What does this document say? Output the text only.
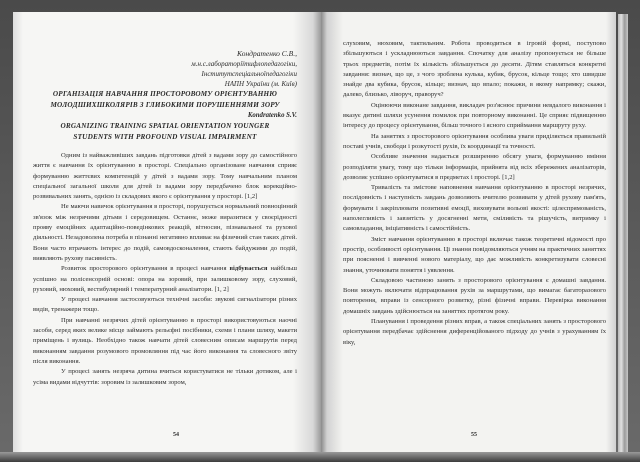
Кондратенко С.В.,
м.н.с.лабораторіїтифлопедагогіки,
Інститутспеціальноїпедагогіки
НАПН України (м. Київ)

ОРГАНІЗАЦІЯ НАВЧАННЯ ПРОСТОРОВОМУ ОРІЄНТУВАННЮ

МОЛОДШИХШКОЛЯРІВ З ГЛИБОКИМИ ПОРУШЕННЯМИ ЗОРУ

Kondratenko S.V.

ORGANIZING TRAINING SPATIAL ORIENTATION YOUNGER

STUDENTS WITH PROFOUND VISUAL IMPAIRMENT

Одним із найважливіших завдань підготовки дітей з вадами зору до самостійного життя є навчання їх орієнтуванню в просторі. Спеціально організоване навчання сприяє формуванню життєвих компетенцій у дітей з вадами зору. Тому навчальним планом спеціальної загальної школи для дітей із вадами зору передбачено блок корекційно-розвивальних занять, однією із складових якого є орієнтування у просторі. [1,2]

Не маючи навичок орієнтування в просторі, порушується нормальний повноцінний зв'язок між незрячими дітьми і середовищем. Останнє, може виразитися у своєрідності прояву емоційних адаптаційно-поведінкових реакцій, вітносин, пізнавальної та рухової діяльності. Незадоволена потреба в пізнанні негативно впливає на фізичний стан таких дітей. Вони часто втрачають інтерес до подій, самовдосконалення, стають байдужими до подій, виявляють рухову пасивність.

Розвиток просторового орієнтування в процесі навчання відбувається найбільш успішно на полісенсорній основі: опора на зоровий, при залишковому зору, слуховий, руховий, нюховий, вестибулярний і температурний аналізатори. [1, 2]

У процесі навчання застосовуються технічні засоби: звукові сигналізатори різних видів, тренажери тощо.

При навчанні незрячих дітей орієнтуванню в просторі використовуються наочні засоби, серед яких велике місце займають рельєфні посібники, схеми і плани шляху, макети приміщень і вулиць. Необхідно також навчати дітей словесним описам маршрутів перед виконанням завдання розумового промовляння під час його виконання та словесного звіту після виконання.

У процесі занять незряча дитина вчиться користуватися не тільки дотиком, але і усіма видами відчуттів: зоровим із залишковим зором,

54

слуховим, нюховим, тактильним. Робота проводиться в ігровій формі, поступово збільшуються і ускладнюються завдання. Спочатку для аналізу пропонується не більше трьох предметів, потім їх кількість збільшується до десяти. Дітям ставляться конкретні завдання: визнач, що це, з чого зроблена кулька, кубик, брусок, кільце тощо; хто швидше знайде два кубика, брусок, кільце; визнач, що впало; покажи, в якому напрямку; скажи, далеко, близько, ліворуч, праворуч?

Оцінюючи виконане завдання, викладач роз'яснює причини невдалого виконання і вказує дитині шляхи усунення помилок при повторному виконанні. Це сприяє підвищенню інтересу до процесу орієнтування, більш точного і ясного сприймання маршруту руху.

На заняттях з просторового орієнтування особлива уваги приділяється правильній поставі учнів, свободи і розкутості рухів, їх координації та точності.

Особливе значення надається розширенню обсягу уваги, формуванню вміння розподіляти увагу, тому що тільки інформація, прийнята від всіх збережених аналізаторів, дозволяє успішно орієнтуватися в предметах і просторі. [1,2]

Тривалість та змістове наповнення навчання орієнтуванню в просторі незрячих, послідовність і наступність завдань дозволяють вчителю розвивати у дітей рухову пам'ять, формувати і закріплювати позитивні емоції, виховувати вольові якості: цілеспрямованість, наполегливість і завзятість у досягненні мети, сміливість та рішучість, витримку і самовладання, ініціативність і самостійність.

Зміст навчання орієнтуванню в просторі включає також теоретичні відомості про простір, особливості орієнтування. Ці знання повідомляються учням на практичних заняттях при поясненні і вивченні нового матеріалу, що дає можливість конкретизувати словесні знання, уточнювати поняття і уявлення.

Складовою частиною занять з просторового орієнтування є домашні завдання. Вони можуть включати відпрацювання рухів за маршрутами, що вимагає багаторазового повторення, вправи із сенсорного розвитку, різні фізичні вправи. Перевірка виконання домашніх завдань здійснюється на заняттях протягом року.

Планування і проведення різних вправ, а також спеціальних занять з просторового орієнтування передбачає здійснення диференційованого підходу до учнів з урахуванням їх віку,

55
